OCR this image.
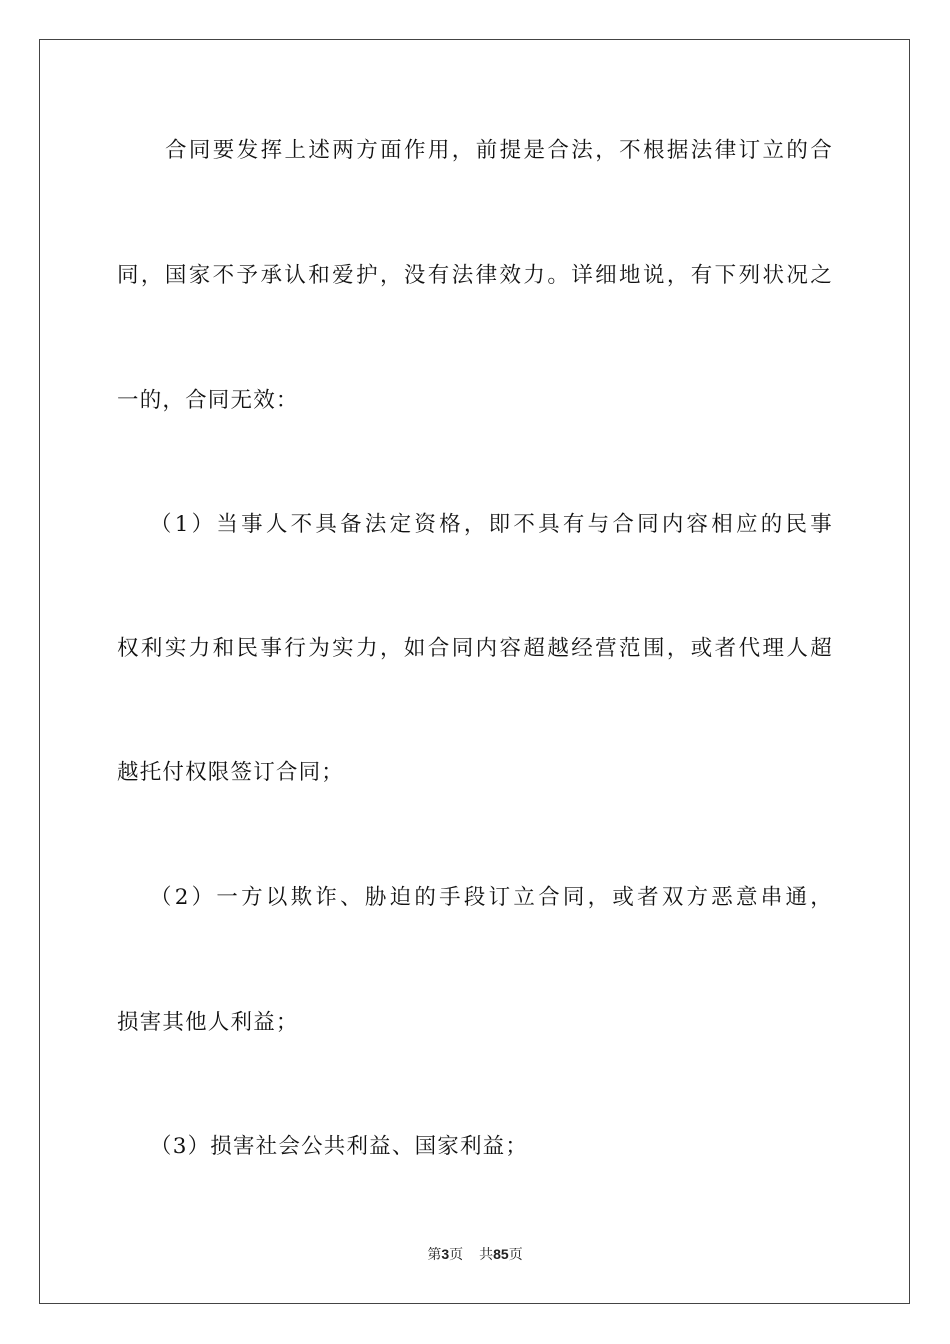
合同要发挥上述两方面作用，前提是合法，不根据法律订立的合
同，国家不予承认和爱护，没有法律效力。详细地说，有下列状况之
一的，合同无效：
（1）当事人不具备法定资格，即不具有与合同内容相应的民事
权利实力和民事行为实力，如合同内容超越经营范围，或者代理人超
越托付权限签订合同；
（2）一方以欺诈、胁迫的手段订立合同，或者双方恶意串通，
损害其他人利益；
（3）损害社会公共利益、国家利益；
第3页 共85页
